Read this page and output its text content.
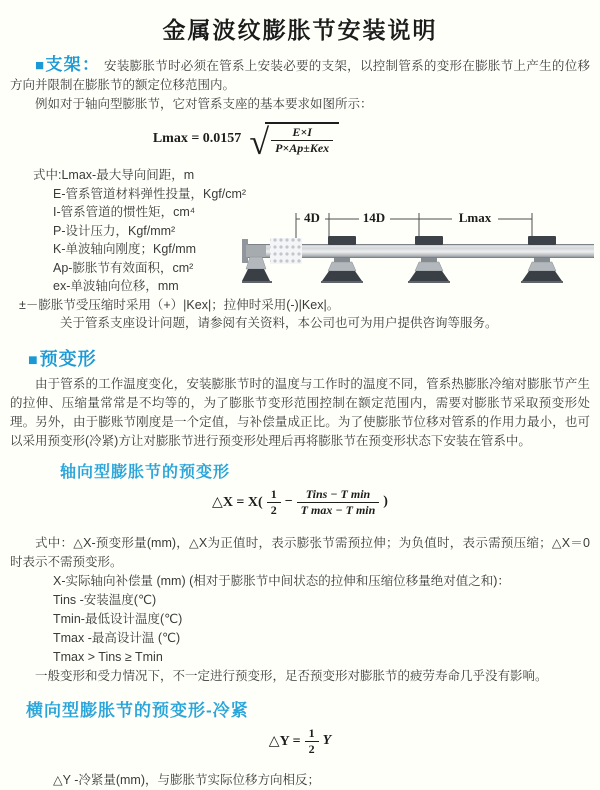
金属波纹膨胀节安装说明

■支架： 安装膨胀节时必须在管系上安装必要的支架，以控制管系的变形在膨胀节上产生的位移方向并限制在膨胀节的额定位移范围内。

例如对于轴向型膨胀节，它对管系支座的基本要求如图所示：

Lmax = 0.0157 √ $\frac{E\times I}{\text{P×Ap±Kex}}$
式中:Lmax-最大导向间距，m
E-管系管道材料弹性投量，Kgf/cm²
I-管系管道的惯性矩，cm⁴
P-设计压力，Kgf/mm²
K-单波轴向刚度；Kgf/mm
Ap-膨胀节有效面积，cm²
ex-单波轴向位移，mm
±－膨胀节受压缩时采用（+）|Kex|；拉伸时采用(-)|Kex|。
关于管系支座设计问题，请参阅有关资料，本公司也可为用户提供咨询等服务。
4D	14D	Lmax
■预变形

由于管系的工作温度变化，安装膨胀节时的温度与工作时的温度不同，管系热膨胀冷缩对膨胀节产生的拉伸、压缩量常常是不均等的，为了膨胀节变形范围控制在额定范围内，需要对膨胀节采取预变形处理。另外，由于膨账节刚度是一个定值，与补偿量成正比。为了使膨胀节位移对管系的作用力最小，也可以采用预变形(冷紧)方让对膨胀节进行预变形处理后再将膨胀节在预变形状态下安装在管系中。

轴向型膨胀节的预变形
△X = $X( \frac{1}{2} - \frac{\text{Tins − T min}}{\text{T max − T min}}$ )

式中：△X-预变形量(mm)，△X为正值时，表示膨张节需预拉伸；为负值时，表示需预压缩；△X＝0时表示不需预变形。

X-实际轴向补偿量 (mm) (相对于膨胀节中间状态的拉伸和压缩位移量绝对值之和)：
Tins -安装温度(℃)
Tmin-最低设计温度(℃)
Tmax -最高设计温 (℃)
Tmax > Tins ≥ Tmin

一般变形和受力情况下，不一定进行预变形，足否预变形对膨胀节的疲劳寿命几乎没有影响。

横向型膨胀节的预变形-冷紧
△Y = $\frac{1}{2}$ Y
△Y -冷紧量(mm)，与膨胀节实际位移方向相反；
